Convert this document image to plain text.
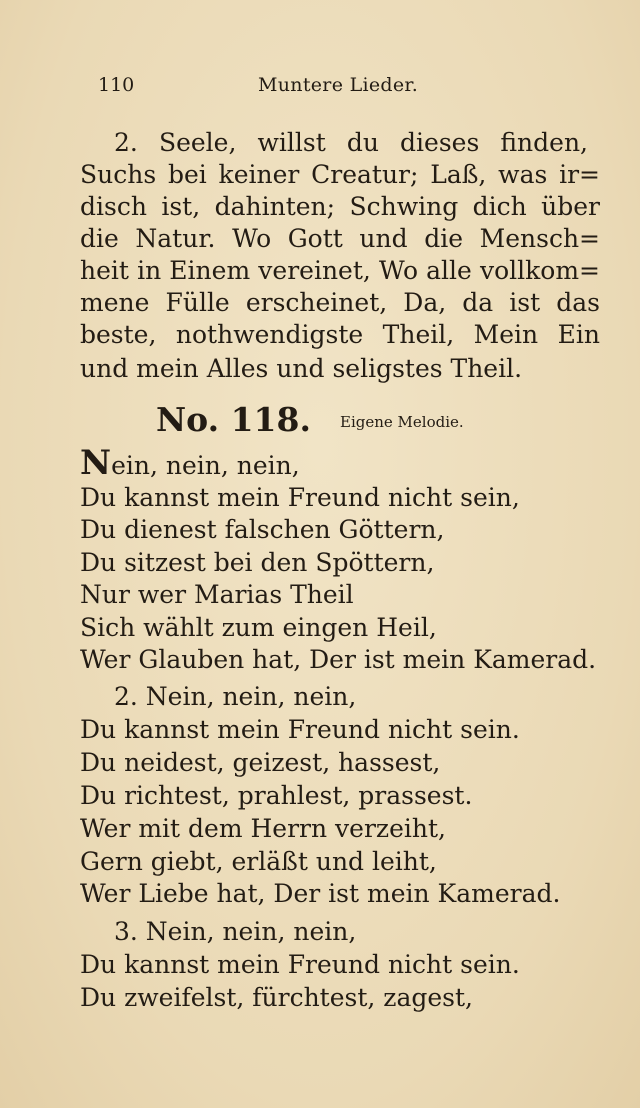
110	Muntere Lieder.
2. Seele, willst du dieses finden,
Suchs bei keiner Creatur; Laß, was ir=
disch ist, dahinten; Schwing dich über
die Natur. Wo Gott und die Mensch=
heit in Einem vereinet, Wo alle vollkom=
mene Fülle erscheinet, Da, da ist das
beste, nothwendigste Theil, Mein Ein
und mein Alles und seligstes Theil.
No. 118. Eigene Melodie.
Nein, nein, nein,
Du kannst mein Freund nicht sein,
Du dienest falschen Göttern,
Du sitzest bei den Spöttern,
Nur wer Marias Theil
Sich wählt zum eingen Heil,
Wer Glauben hat, Der ist mein Kamerad.
2. Nein, nein, nein,
Du kannst mein Freund nicht sein.
Du neidest, geizest, hassest,
Du richtest, prahlest, prassest.
Wer mit dem Herrn verzeiht,
Gern giebt, erläßt und leiht,
Wer Liebe hat, Der ist mein Kamerad.
3. Nein, nein, nein,
Du kannst mein Freund nicht sein.
Du zweifelst, fürchtest, zagest,
